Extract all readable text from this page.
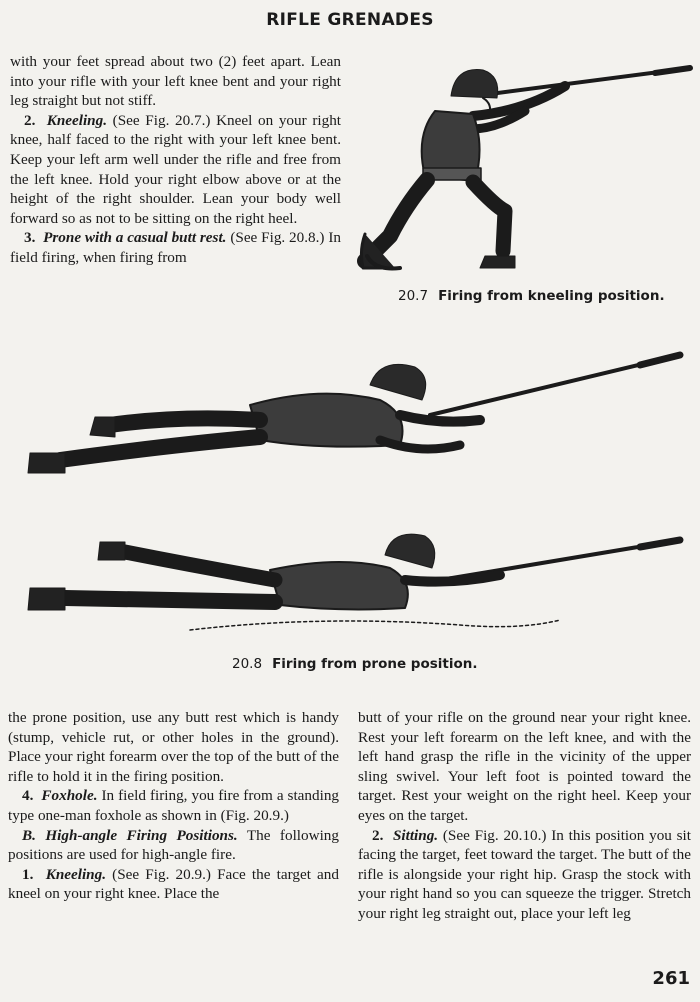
RIFLE GRENADES

with your feet spread about two (2) feet apart. Lean into your rifle with your left knee bent and your right leg straight but not stiff.

2. Kneeling. (See Fig. 20.7.) Kneel on your right knee, half faced to the right with your left knee bent. Keep your left arm well under the rifle and free from the left knee. Hold your right elbow above or at the height of the right shoulder. Lean your body well forward so as not to be sitting on the right heel.

3. Prone with a casual butt rest. (See Fig. 20.8.) In field firing, when firing from

20.7 Firing from kneeling position.
20.8 Firing from prone position.

the prone position, use any butt rest which is handy (stump, vehicle rut, or other holes in the ground). Place your right forearm over the top of the butt of the rifle to hold it in the firing position.

4. Foxhole. In field firing, you fire from a standing type one-man foxhole as shown in (Fig. 20.9.)

B. High-angle Firing Positions. The following positions are used for high-angle fire.

1. Kneeling. (See Fig. 20.9.) Face the target and kneel on your right knee. Place the

butt of your rifle on the ground near your right knee. Rest your left forearm on the left knee, and with the left hand grasp the rifle in the vicinity of the upper sling swivel. Your left foot is pointed toward the target. Rest your weight on the right heel. Keep your eyes on the target.

2. Sitting. (See Fig. 20.10.) In this position you sit facing the target, feet toward the target. The butt of the rifle is alongside your right hip. Grasp the stock with your right hand so you can squeeze the trigger. Stretch your right leg straight out, place your left leg

261
